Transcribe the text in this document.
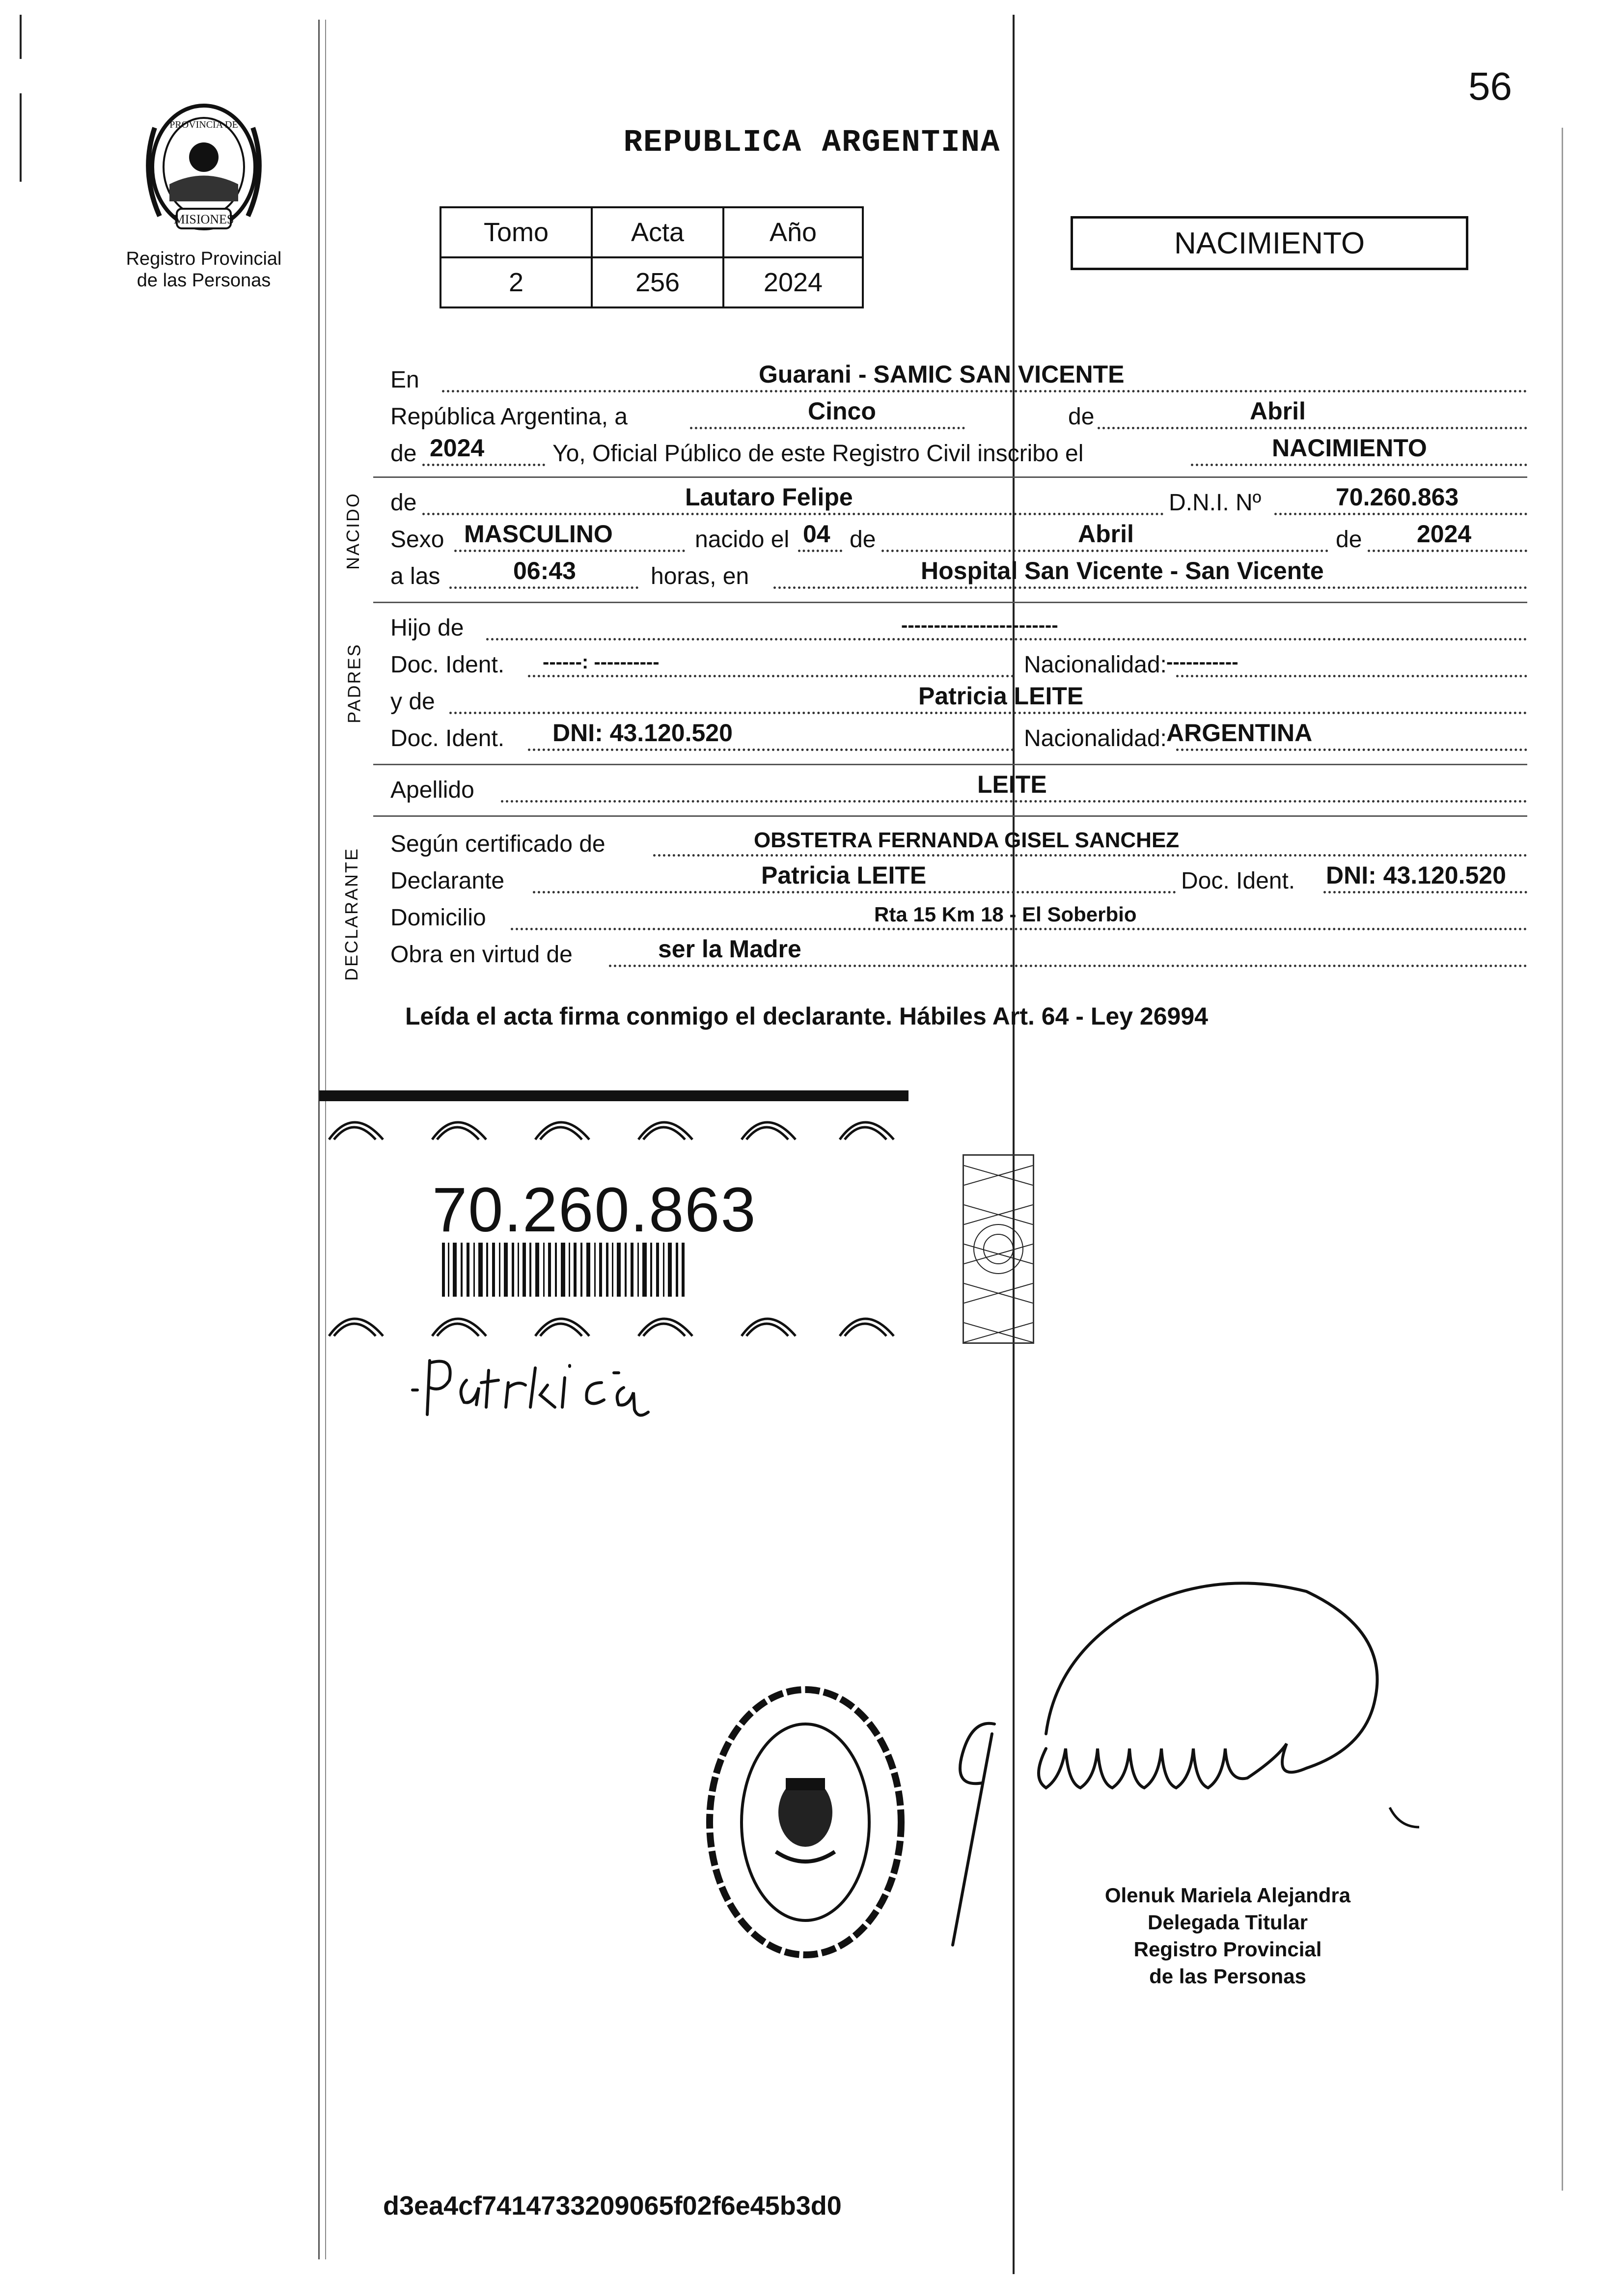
56
MISIONES
PROVINCIA DE
Registro Provincial
de las Personas
REPUBLICA ARGENTINA
Tomo	Acta	Año
2	256	2024
NACIMIENTO
NACIDO
PADRES
DECLARANTE
En	Guarani - SAMIC SAN VICENTE
República Argentina, a	Cinco	de	Abril
de 2024	Yo, Oficial Público de este Registro Civil inscribo el	NACIMIENTO
de	Lautaro Felipe	D.N.I. Nº	70.260.863
Sexo MASCULINO	nacido el 04 de	Abril	de 2024
a las	06:43	horas, en	Hospital San Vicente - San Vicente
Hijo de	------------------------
Doc. Ident. ------: ----------	Nacionalidad: -----------
y de	Patricia LEITE
Doc. Ident. DNI: 43.120.520	Nacionalidad: ARGENTINA
Apellido	LEITE
Según certificado de	OBSTETRA FERNANDA GISEL SANCHEZ
Declarante	Patricia LEITE	Doc. Ident. DNI: 43.120.520
Domicilio	Rta 15 Km 18 - El Soberbio
Obra en virtud de	ser la Madre
Leída el acta firma conmigo el declarante. Hábiles Art. 64 - Ley 26994
70.260.863
Olenuk Mariela Alejandra
Delegada Titular
Registro Provincial
de las Personas
d3ea4cf7414733209065f02f6e45b3d0
